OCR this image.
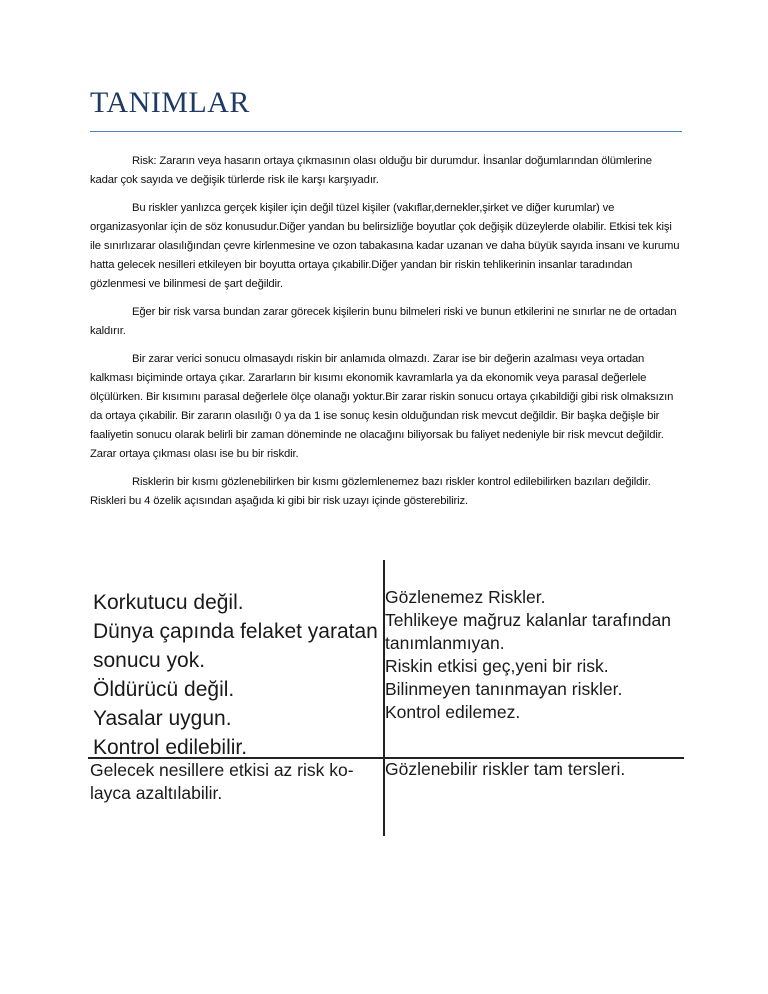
TANIMLAR

Risk: Zararın veya hasarın ortaya çıkmasının olası olduğu bir durumdur. İnsanlar doğumlarından ölümlerine kadar çok sayıda ve değişik türlerde risk ile karşı karşıyadır.

Bu riskler yanlızca gerçek kişiler için değil tüzel kişiler (vakıflar,dernekler,şirket ve diğer kurumlar) ve organizasyonlar için de söz konusudur.Diğer yandan bu belirsizliğe boyutlar çok değişik düzeylerde olabilir. Etkisi tek kişi ile sınırlızarar olasılığından çevre kirlenmesine ve ozon tabakasına kadar uzanan ve daha büyük sayıda insanı ve kurumu hatta gelecek nesilleri etkileyen bir boyutta ortaya çıkabilir.Diğer yandan bir riskin tehlikerinin insanlar taradından gözlenmesi ve bilinmesi de şart değildir.

Eğer bir risk varsa bundan zarar görecek kişilerin bunu bilmeleri riski ve bunun etkilerini ne sınırlar ne de ortadan kaldırır.

Bir zarar verici sonucu olmasaydı riskin bir anlamıda olmazdı. Zarar ise bir değerin azalması veya ortadan kalkması biçiminde ortaya çıkar. Zararların bir kısımı ekonomik kavramlarla ya da ekonomik veya parasal değerlele ölçülürken. Bir kısımını parasal değerlele ölçe olanağı yoktur.Bir zarar riskin sonucu ortaya çıkabildiği gibi risk olmaksızın da ortaya çıkabilir. Bir zararın olasılığı 0 ya da 1 ise sonuç kesin olduğundan risk mevcut değildir. Bir başka değişle bir faaliyetin sonucu olarak belirli bir zaman döneminde ne olacağını biliyorsak bu faliyet nedeniyle bir risk mevcut değildir. Zarar ortaya çıkması olası ise bu bir riskdir.

Risklerin bir kısmı gözlenebilirken bir kısmı gözlemlenemez bazı riskler kontrol edilebilirken bazıları değildir. Riskleri bu 4 özelik açısından aşağıda ki gibi bir risk uzayı içinde gösterebiliriz.

Korkutucu değil.
Dünya çapında felaket yaratan
sonucu yok.
Öldürücü değil.
Yasalar uygun.
Kontrol edilebilir.
Gözlenemez Riskler.
Tehlikeye mağruz kalanlar tarafından
tanımlanmıyan.
Riskin etkisi geç,yeni bir risk.
Bilinmeyen tanınmayan riskler.
Kontrol edilemez.
Gelecek nesillere etkisi az risk ko-
layca azaltılabilir.
Gözlenebilir riskler tam tersleri.
